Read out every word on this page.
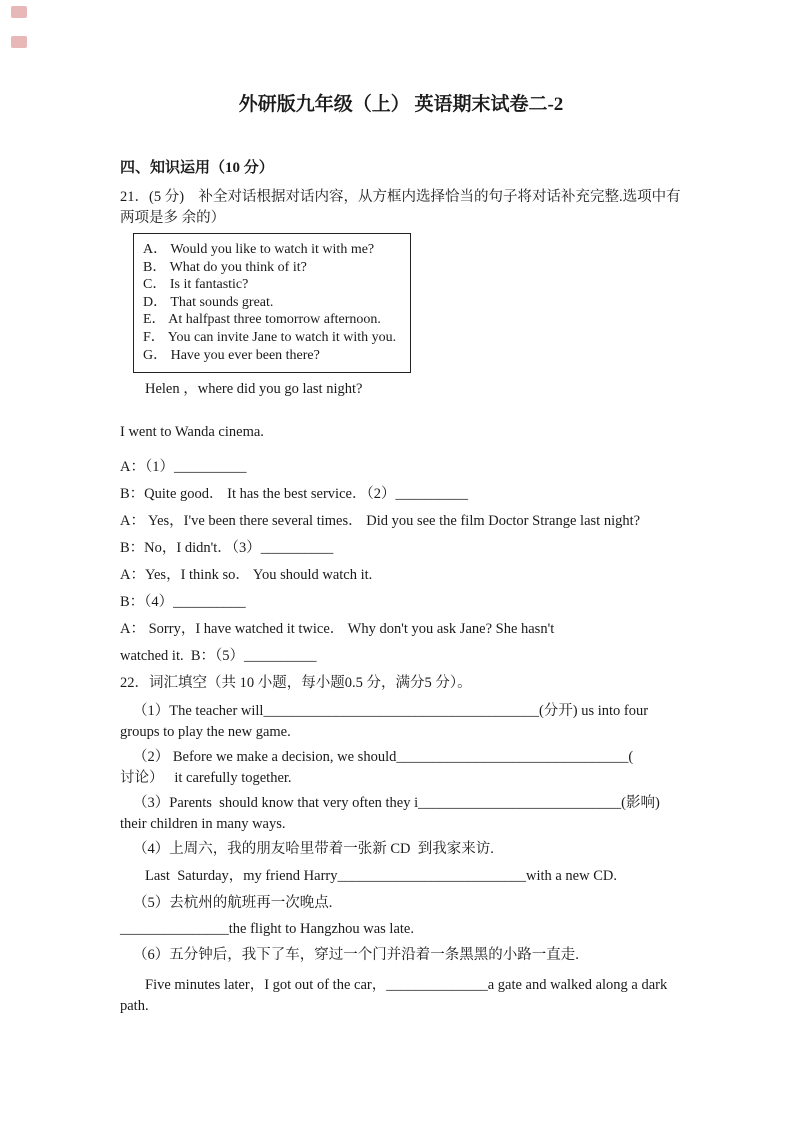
外研版九年级（上） 英语期末试卷二-2
四、知识运用（10 分）
21．(5 分)　补全对话根据对话内容，从方框内选择恰当的句子将对话补充完整.选项中有
两项是多 余的）
A． Would you like to watch it with me?
B． What do you think of it?
C． Is it fantastic?
D． That sounds great.
E． At halfpast three tomorrow afternoon.
F． You can invite Jane to watch it with you.
G． Have you ever been there?
Helen ，where did you go last night?
I went to Wanda cinema.
A：（1）__________
B：Quite good． It has the best service．（2）__________
A： Yes，I've been there several times． Did you see the film Doctor Strange last night?
B：No，I didn't．（3）__________
A：Yes，I think so． You should watch it.
B：（4）__________
A： Sorry，I have watched it twice． Why don't you ask Jane? She hasn't
watched it.  B：（5）__________
22．词汇填空（共 10 小题，每小题0.5 分，满分5 分）。
（1）The teacher will______________________________________(分开) us into four
groups to play the new game.
（2） Before we make a decision, we should________________________________(
讨论）   it carefully together.
（3）Parents  should know that very often they i____________________________(影响)
their children in many ways.
（4）上周六，我的朋友哈里带着一张新 CD  到我家来访.
Last  Saturday，my friend Harry__________________________with a new CD.
（5）去杭州的航班再一次晚点.
_______________the flight to Hangzhou was late.
（6）五分钟后，我下了车，穿过一个门并沿着一条黑黑的小路一直走.
Five minutes later，I got out of the car，______________a gate and walked along a dark
path.
